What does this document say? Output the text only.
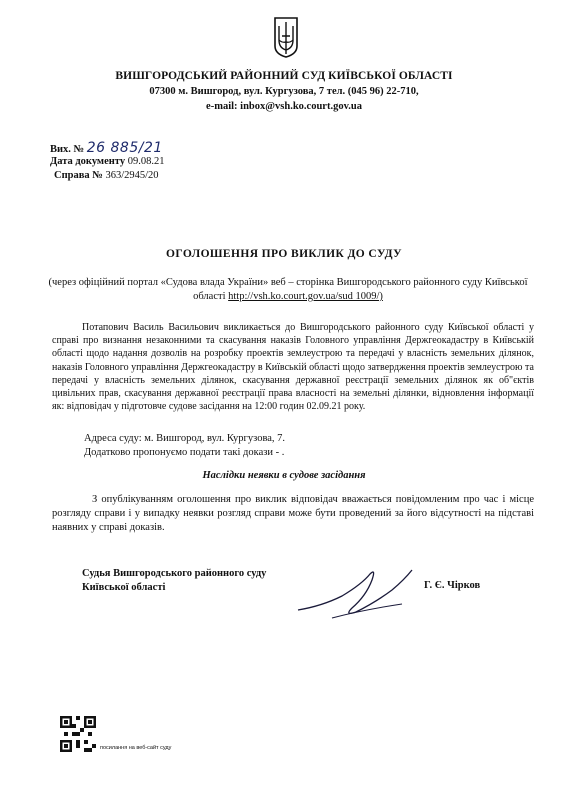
ВИШГОРОДСЬКИЙ РАЙОННИЙ СУД КИЇВСЬКОЇ ОБЛАСТІ
07300 м. Вишгород, вул. Кургузова, 7 тел. (045 96) 22-710,
e-mail: inbox@vsh.ko.court.gov.ua
Вих. № 26 885/21
Дата документу 09.08.21
Справа № 363/2945/20
ОГОЛОШЕННЯ ПРО ВИКЛИК ДО СУДУ
(через офіційний портал «Судова влада України» веб – сторінка Вишгородського районного суду Київської області http://vsh.ko.court.gov.ua/sud 1009/)
Потапович Василь Васильович викликається до Вишгородського районного суду Київської області у справі про визнання незаконними та скасування наказів Головного управління Держгеокадастру в Київській області щодо надання дозволів на розробку проектів землеустрою та передачі у власність земельних ділянок, наказів Головного управління Держгеокадастру в Київській області щодо затвердження проектів землеустрою та передачі у власність земельних ділянок, скасування державної реєстрації земельних ділянок як об"єктів цивільних прав, скасування державної реєстрації права власності на земельні ділянки, відновлення інформації як: відповідач у підготовче судове засідання на 12:00 годин 02.09.21 року.
Адреса суду: м. Вишгород, вул. Кургузова, 7.
Додатково пропонуємо подати такі докази - .
Наслідки неявки в судове засідання
З опублікуванням оголошення про виклик відповідач вважається повідомленим про час і місце розгляду справи і у випадку неявки розгляд справи може бути проведений за його відсутності на підставі наявних у справі доказів.
Судья Вишгородського районного суду Київської області	Г. Є. Чірков
посилання на веб-сайт суду
